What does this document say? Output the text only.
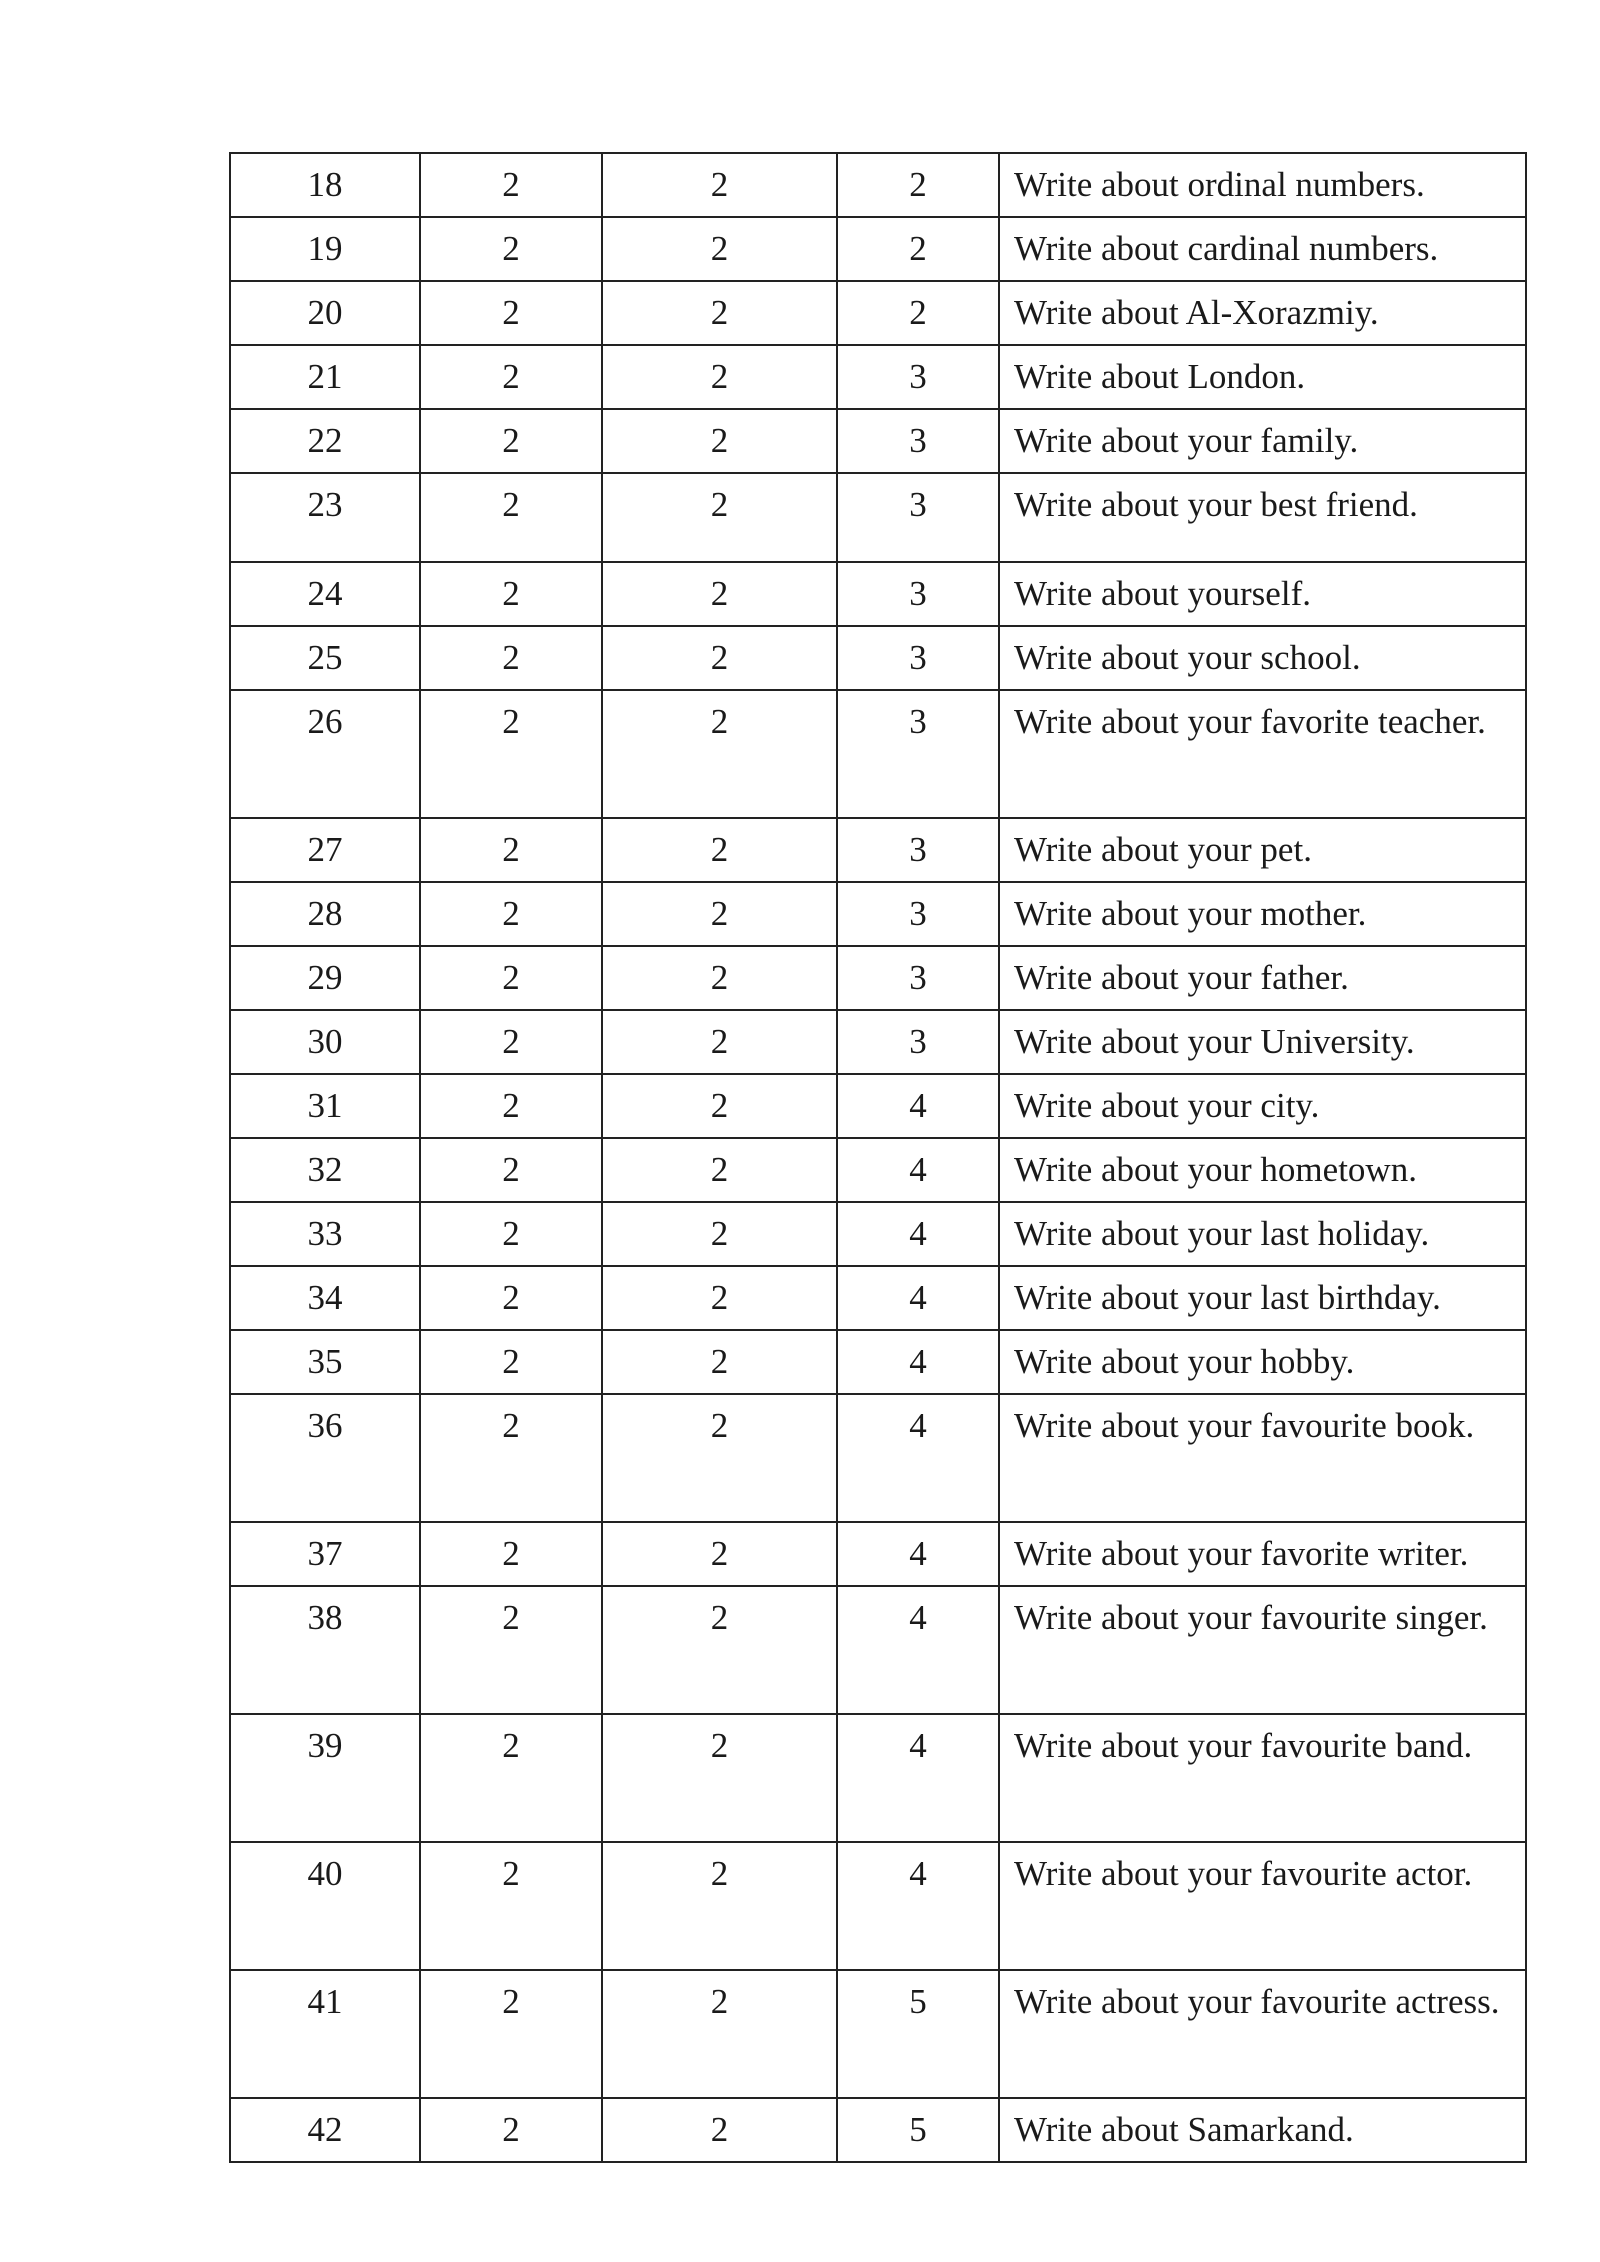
18	2	2	2	Write about ordinal numbers.
19	2	2	2	Write about cardinal numbers.
20	2	2	2	Write about Al-Xorazmiy.
21	2	2	3	Write about London.
22	2	2	3	Write about your family.
23	2	2	3	Write about your best friend.
24	2	2	3	Write about yourself.
25	2	2	3	Write about your school.
26	2	2	3	Write about your favorite teacher.
27	2	2	3	Write about your pet.
28	2	2	3	Write about your mother.
29	2	2	3	Write about your father.
30	2	2	3	Write about your University.
31	2	2	4	Write about your city.
32	2	2	4	Write about your hometown.
33	2	2	4	Write about your last holiday.
34	2	2	4	Write about your last birthday.
35	2	2	4	Write about your hobby.
36	2	2	4	Write about your favourite book.
37	2	2	4	Write about your favorite writer.
38	2	2	4	Write about your favourite singer.
39	2	2	4	Write about your favourite band.
40	2	2	4	Write about your favourite actor.
41	2	2	5	Write about your favourite actress.
42	2	2	5	Write about Samarkand.
